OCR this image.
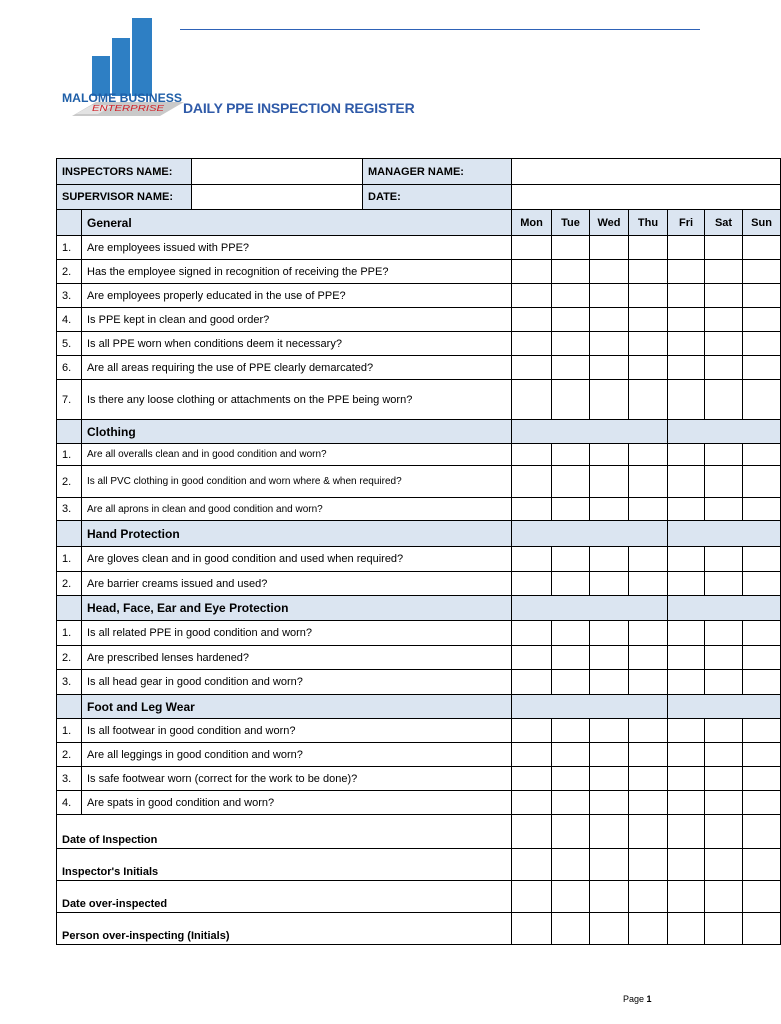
MALOME BUSINESS
ENTERPRISE DAILY PPE INSPECTION REGISTER
INSPECTORS NAME:			MANAGER NAME:							
SUPERVISOR NAME:			DATE:							
	General			Mon	Tue	Wed	Thu	Fri	Sat	Sun
1.	Are employees issued with PPE?									
2.	Has the employee signed in recognition of receiving the PPE?									
3.	Are employees properly educated in the use of PPE?									
4.	Is PPE kept in clean and good order?									
5.	Is all PPE worn when conditions deem it necessary?									
6.	Are all areas requiring the use of PPE clearly demarcated?									
7.	Is there any loose clothing or attachments on the PPE being worn?									
	Clothing									
1.	Are all overalls clean and in good condition and worn?									
2.	Is all PVC clothing in good condition and worn where & when required?									
3.	Are all aprons in clean and good condition and worn?									
	Hand Protection									
1.	Are gloves clean and in good condition and used when required?									
2.	Are barrier creams issued and used?									
	Head, Face, Ear and Eye Protection									
1.	Is all related PPE in good condition and worn?									
2.	Are prescribed lenses hardened?									
3.	Is all head gear in good condition and worn?									
	Foot and Leg Wear									
1.	Is all footwear in good condition and worn?									
2.	Are all leggings in good condition and worn?									
3.	Is safe footwear worn (correct for the work to be done)?									
4.	Are spats in good condition and worn?									
Date of Inspection										
Inspector's Initials										
Date over-inspected										
Person over-inspecting (Initials)										
Page 1
